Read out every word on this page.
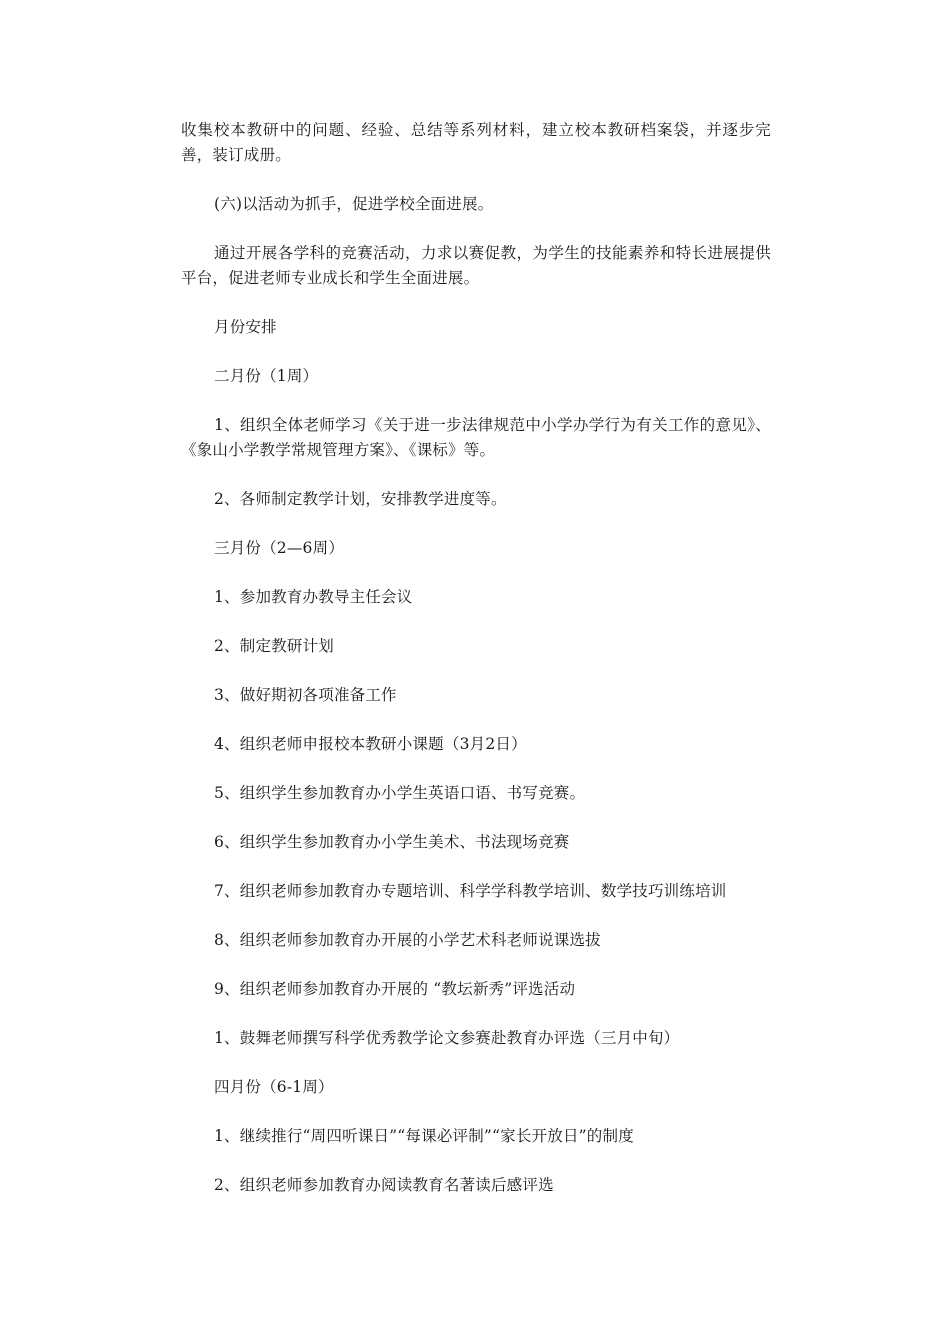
收集校本教研中的问题、经验、总结等系列材料，建立校本教研档案袋，并逐步完善，装订成册。

(六)以活动为抓手，促进学校全面进展。

通过开展各学科的竞赛活动，力求以赛促教，为学生的技能素养和特长进展提供平台，促进老师专业成长和学生全面进展。

月份安排

二月份（1周）

1、组织全体老师学习《关于进一步法律规范中小学办学行为有关工作的意见》、《象山小学教学常规管理方案》、《课标》等。

2、各师制定教学计划，安排教学进度等。

三月份（2—6周）

1、参加教育办教导主任会议

2、制定教研计划

3、做好期初各项准备工作

4、组织老师申报校本教研小课题（3月2日）

5、组织学生参加教育办小学生英语口语、书写竞赛。

6、组织学生参加教育办小学生美术、书法现场竞赛

7、组织老师参加教育办专题培训、科学学科教学培训、数学技巧训练培训

8、组织老师参加教育办开展的小学艺术科老师说课选拔

9、组织老师参加教育办开展的 “教坛新秀”评选活动

1、鼓舞老师撰写科学优秀教学论文参赛赴教育办评选（三月中旬）

四月份（6-1周）

1、继续推行“周四听课日”“每课必评制”“家长开放日”的制度

2、组织老师参加教育办阅读教育名著读后感评选
